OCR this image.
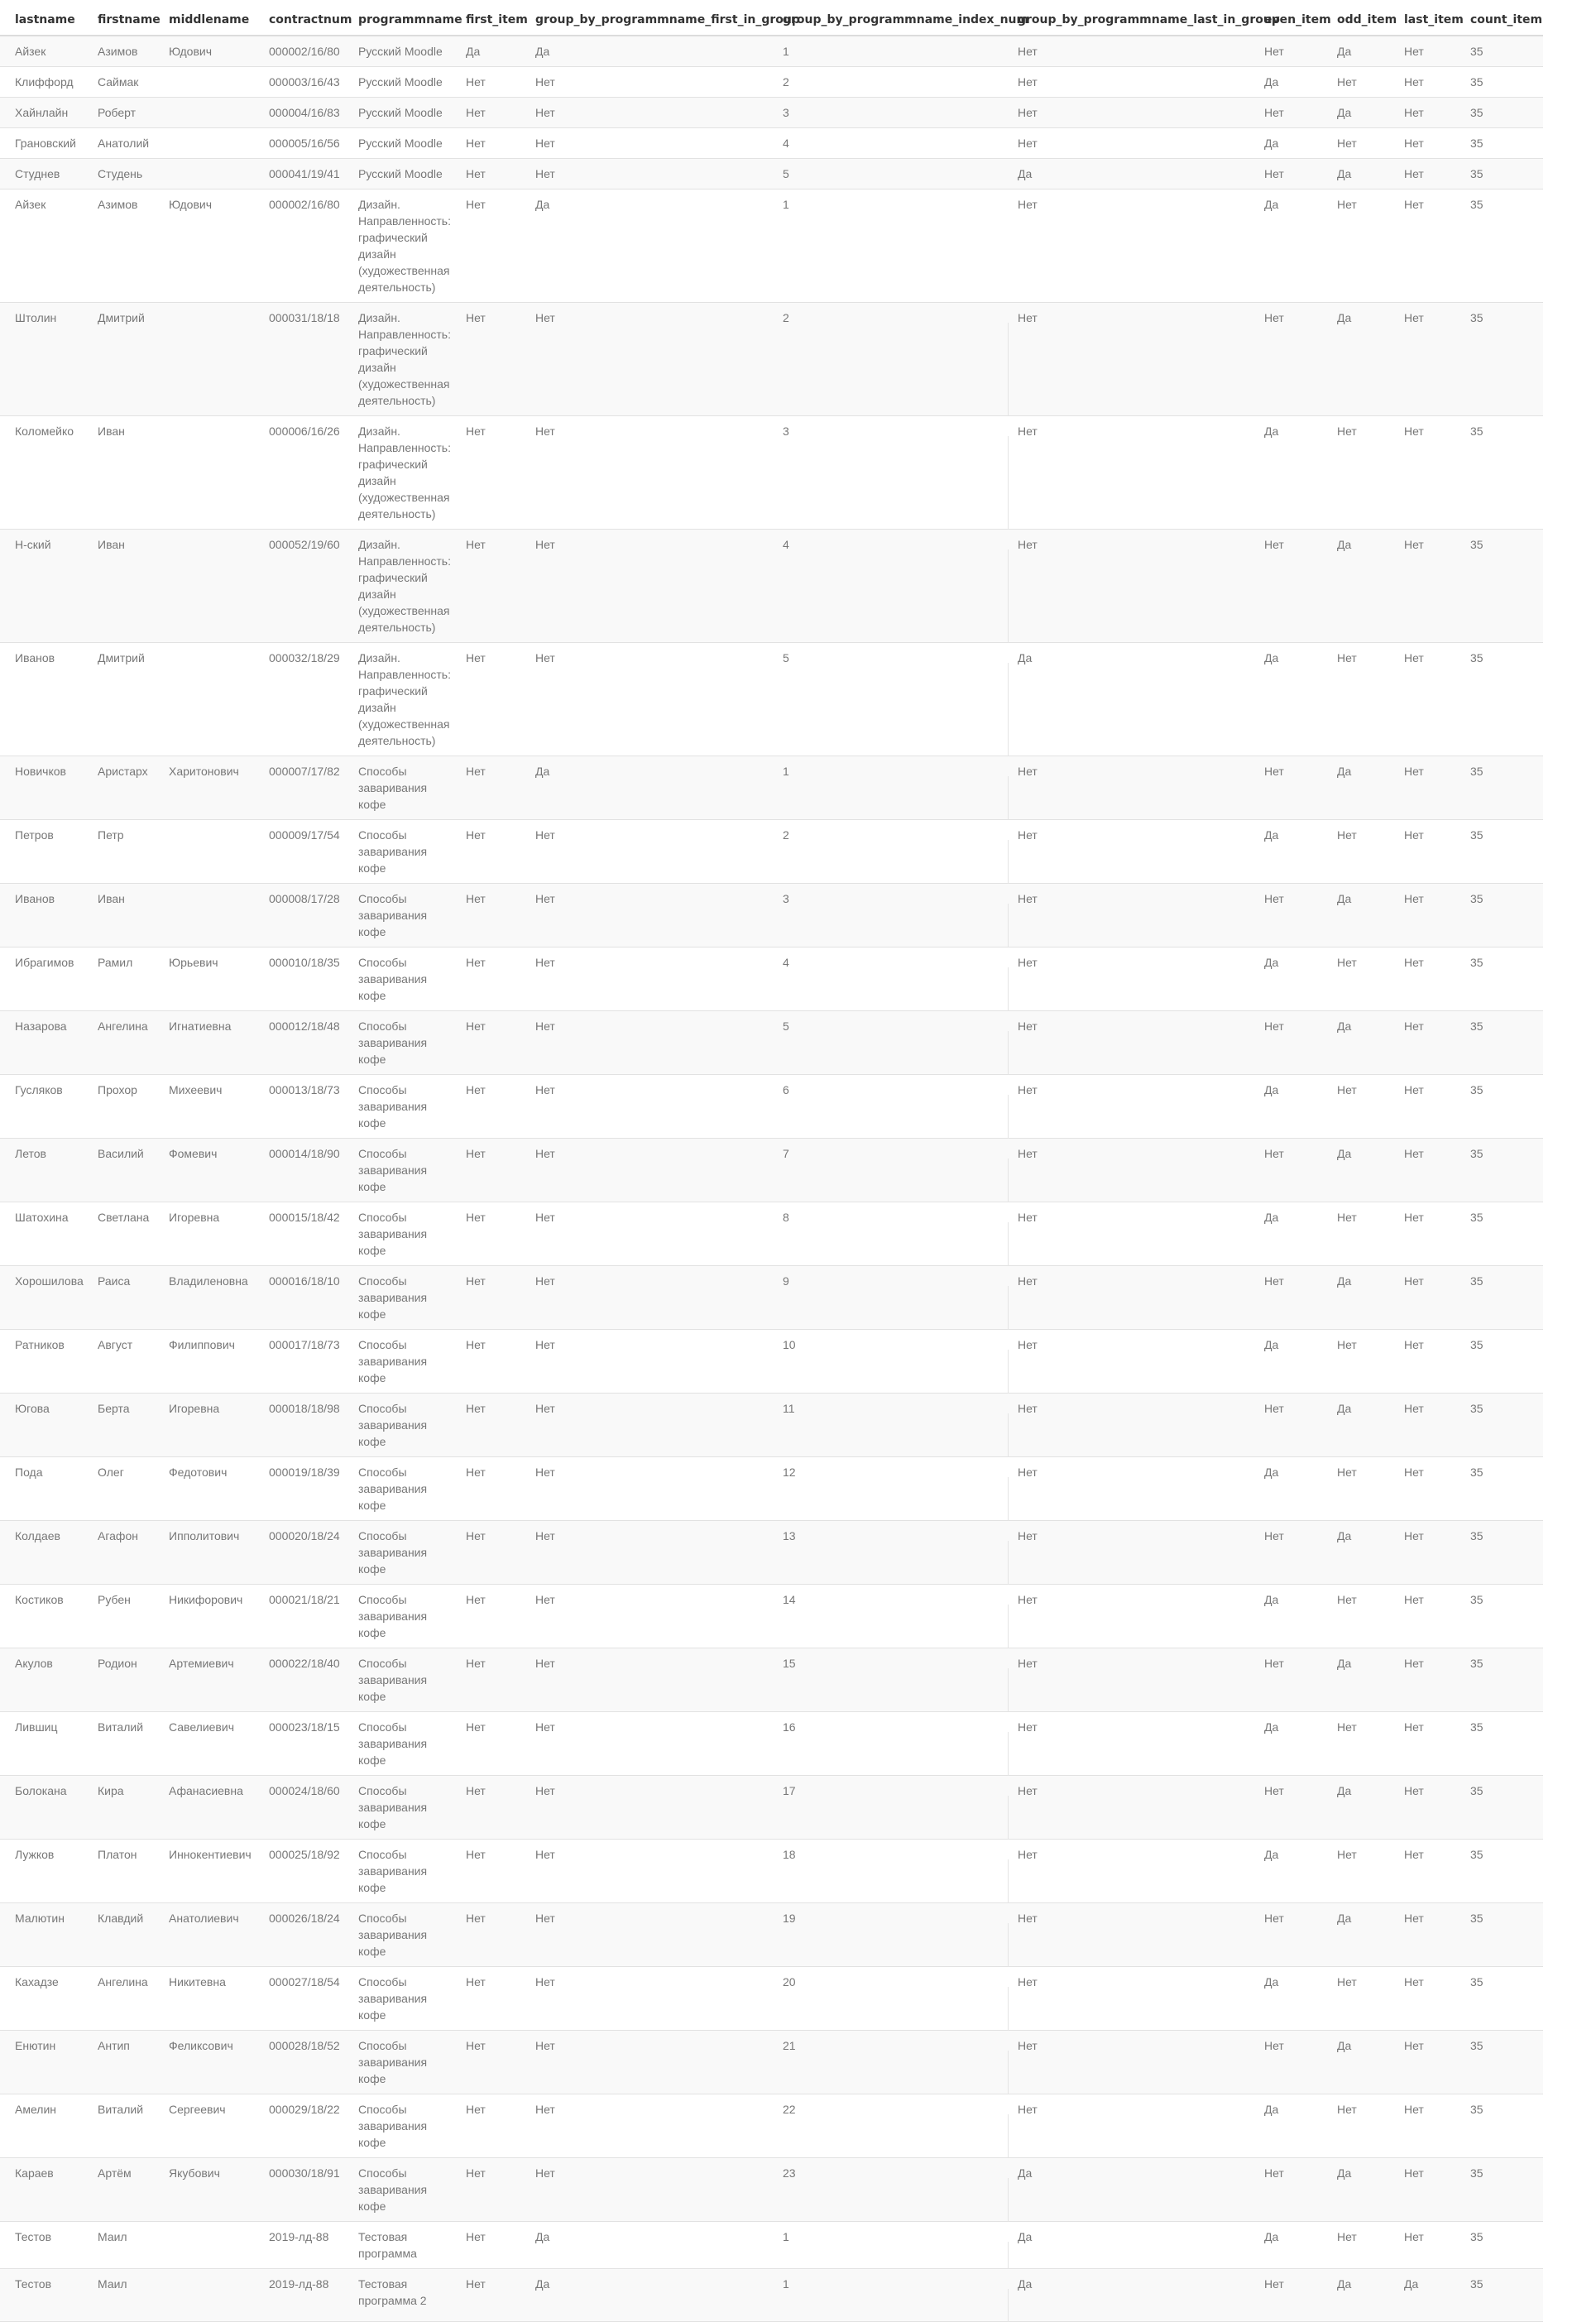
lastname	firstname	middlename	contractnum	programmname	first_item	group_by_programmname_first_in_group	group_by_programmname_index_num	group_by_programmname_last_in_group	even_item	odd_item	last_item	count_item
Айзек	Азимов	Юдович	000002/16/80	Русский Moodle	Да	Да	1	Нет	Нет	Да	Нет	35
Клиффорд	Саймак		000003/16/43	Русский Moodle	Нет	Нет	2	Нет	Да	Нет	Нет	35
Хайнлайн	Роберт		000004/16/83	Русский Moodle	Нет	Нет	3	Нет	Нет	Да	Нет	35
Грановский	Анатолий		000005/16/56	Русский Moodle	Нет	Нет	4	Нет	Да	Нет	Нет	35
Студнев	Студень		000041/19/41	Русский Moodle	Нет	Нет	5	Да	Нет	Да	Нет	35
Айзек	Азимов	Юдович	000002/16/80	Дизайн. Направленность: графический дизайн (художественная деятельность)	Нет	Да	1	Нет	Да	Нет	Нет	35
Штолин	Дмитрий		000031/18/18	Дизайн. Направленность: графический дизайн (художественная деятельность)	Нет	Нет	2	Нет	Нет	Да	Нет	35
Коломейко	Иван		000006/16/26	Дизайн. Направленность: графический дизайн (художественная деятельность)	Нет	Нет	3	Нет	Да	Нет	Нет	35
Н-ский	Иван		000052/19/60	Дизайн. Направленность: графический дизайн (художественная деятельность)	Нет	Нет	4	Нет	Нет	Да	Нет	35
Иванов	Дмитрий		000032/18/29	Дизайн. Направленность: графический дизайн (художественная деятельность)	Нет	Нет	5	Да	Да	Нет	Нет	35
Новичков	Аристарх	Харитонович	000007/17/82	Способы заваривания кофе	Нет	Да	1	Нет	Нет	Да	Нет	35
Петров	Петр		000009/17/54	Способы заваривания кофе	Нет	Нет	2	Нет	Да	Нет	Нет	35
Иванов	Иван		000008/17/28	Способы заваривания кофе	Нет	Нет	3	Нет	Нет	Да	Нет	35
Ибрагимов	Рамил	Юрьевич	000010/18/35	Способы заваривания кофе	Нет	Нет	4	Нет	Да	Нет	Нет	35
Назарова	Ангелина	Игнатиевна	000012/18/48	Способы заваривания кофе	Нет	Нет	5	Нет	Нет	Да	Нет	35
Гусляков	Прохор	Михеевич	000013/18/73	Способы заваривания кофе	Нет	Нет	6	Нет	Да	Нет	Нет	35
Летов	Василий	Фомевич	000014/18/90	Способы заваривания кофе	Нет	Нет	7	Нет	Нет	Да	Нет	35
Шатохина	Светлана	Игоревна	000015/18/42	Способы заваривания кофе	Нет	Нет	8	Нет	Да	Нет	Нет	35
Хорошилова	Раиса	Владиленовна	000016/18/10	Способы заваривания кофе	Нет	Нет	9	Нет	Нет	Да	Нет	35
Ратников	Август	Филиппович	000017/18/73	Способы заваривания кофе	Нет	Нет	10	Нет	Да	Нет	Нет	35
Югова	Берта	Игоревна	000018/18/98	Способы заваривания кофе	Нет	Нет	11	Нет	Нет	Да	Нет	35
Пода	Олег	Федотович	000019/18/39	Способы заваривания кофе	Нет	Нет	12	Нет	Да	Нет	Нет	35
Колдаев	Агафон	Ипполитович	000020/18/24	Способы заваривания кофе	Нет	Нет	13	Нет	Нет	Да	Нет	35
Костиков	Рубен	Никифорович	000021/18/21	Способы заваривания кофе	Нет	Нет	14	Нет	Да	Нет	Нет	35
Акулов	Родион	Артемиевич	000022/18/40	Способы заваривания кофе	Нет	Нет	15	Нет	Нет	Да	Нет	35
Лившиц	Виталий	Савелиевич	000023/18/15	Способы заваривания кофе	Нет	Нет	16	Нет	Да	Нет	Нет	35
Болокана	Кира	Афанасиевна	000024/18/60	Способы заваривания кофе	Нет	Нет	17	Нет	Нет	Да	Нет	35
Лужков	Платон	Иннокентиевич	000025/18/92	Способы заваривания кофе	Нет	Нет	18	Нет	Да	Нет	Нет	35
Малютин	Клавдий	Анатолиевич	000026/18/24	Способы заваривания кофе	Нет	Нет	19	Нет	Нет	Да	Нет	35
Кахадзе	Ангелина	Никитевна	000027/18/54	Способы заваривания кофе	Нет	Нет	20	Нет	Да	Нет	Нет	35
Енютин	Антип	Феликсович	000028/18/52	Способы заваривания кофе	Нет	Нет	21	Нет	Нет	Да	Нет	35
Амелин	Виталий	Сергеевич	000029/18/22	Способы заваривания кофе	Нет	Нет	22	Нет	Да	Нет	Нет	35
Караев	Артём	Якубович	000030/18/91	Способы заваривания кофе	Нет	Нет	23	Да	Нет	Да	Нет	35
Тестов	Маил		2019-лд-88	Тестовая программа	Нет	Да	1	Да	Да	Нет	Нет	35
Тестов	Маил		2019-лд-88	Тестовая программа 2	Нет	Да	1	Да	Нет	Да	Да	35
